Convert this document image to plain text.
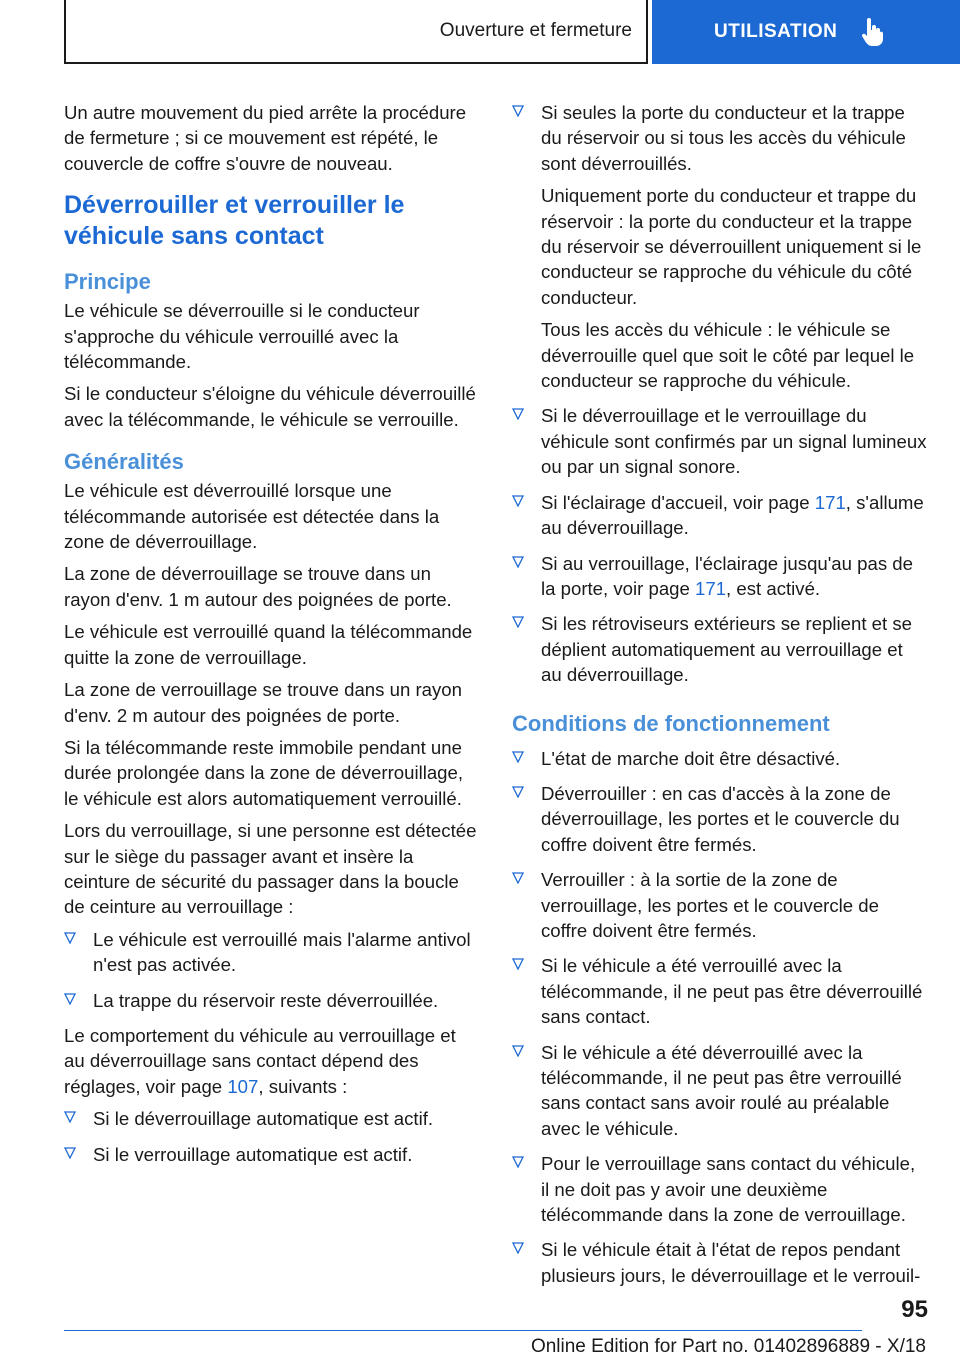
Ouverture et fermeture	UTILISATION

Un autre mouvement du pied arrête la procédure de fermeture ; si ce mouvement est répété, le couvercle de coffre s'ouvre de nouveau.

Déverrouiller et verrouiller le véhicule sans contact
Principe

Le véhicule se déverrouille si le conducteur s'approche du véhicule verrouillé avec la télécommande.

Si le conducteur s'éloigne du véhicule déverrouillé avec la télécommande, le véhicule se verrouille.

Généralités

Le véhicule est déverrouillé lorsque une télécommande autorisée est détectée dans la zone de déverrouillage.

La zone de déverrouillage se trouve dans un rayon d'env. 1 m autour des poignées de porte.

Le véhicule est verrouillé quand la télécommande quitte la zone de verrouillage.

La zone de verrouillage se trouve dans un rayon d'env. 2 m autour des poignées de porte.

Si la télécommande reste immobile pendant une durée prolongée dans la zone de déverrouillage, le véhicule est alors automatiquement verrouillé.

Lors du verrouillage, si une personne est détectée sur le siège du passager avant et insère la ceinture de sécurité du passager dans la boucle de ceinture au verrouillage :

Le véhicule est verrouillé mais l'alarme antivol n'est pas activée.
La trappe du réservoir reste déverrouillée.

Le comportement du véhicule au verrouillage et au déverrouillage sans contact dépend des réglages, voir page 107, suivants :

Si le déverrouillage automatique est actif.
Si le verrouillage automatique est actif.

Si seules la porte du conducteur et la trappe du réservoir ou si tous les accès du véhicule sont déverrouillés.

Uniquement porte du conducteur et trappe du réservoir : la porte du conducteur et la trappe du réservoir se déverrouillent uniquement si le conducteur se rapproche du véhicule du côté conducteur.

Tous les accès du véhicule : le véhicule se déverrouille quel que soit le côté par lequel le conducteur se rapproche du véhicule.

Si le déverrouillage et le verrouillage du véhicule sont confirmés par un signal lumineux ou par un signal sonore.
Si l'éclairage d'accueil, voir page 171, s'allume au déverrouillage.
Si au verrouillage, l'éclairage jusqu'au pas de la porte, voir page 171, est activé.
Si les rétroviseurs extérieurs se replient et se déplient automatiquement au verrouillage et au déverrouillage.
Conditions de fonctionnement
L'état de marche doit être désactivé.
Déverrouiller : en cas d'accès à la zone de déverrouillage, les portes et le couvercle du coffre doivent être fermés.
Verrouiller : à la sortie de la zone de verrouillage, les portes et le couvercle de coffre doivent être fermés.
Si le véhicule a été verrouillé avec la télécommande, il ne peut pas être déverrouillé sans contact.
Si le véhicule a été déverrouillé avec la télécommande, il ne peut pas être verrouillé sans contact sans avoir roulé au préalable avec le véhicule.
Pour le verrouillage sans contact du véhicule, il ne doit pas y avoir une deuxième télécommande dans la zone de verrouillage.
Si le véhicule était à l'état de repos pendant plusieurs jours, le déverrouillage et le verrouil-
95
Online Edition for Part no. 01402896889 - X/18
